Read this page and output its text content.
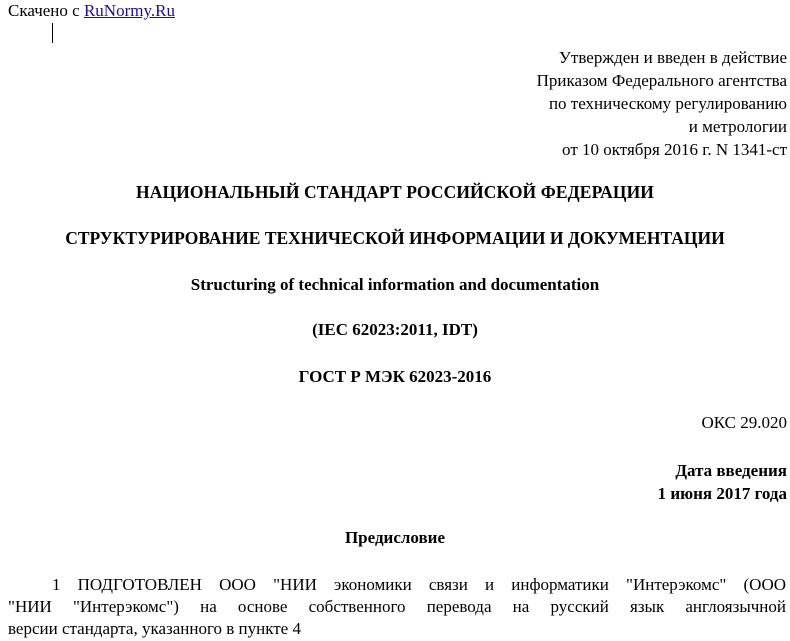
Скачено с RuNormy.Ru
Утвержден и введен в действие
Приказом Федерального агентства
по техническому регулированию
и метрологии
от 10 октября 2016 г. N 1341-ст
НАЦИОНАЛЬНЫЙ СТАНДАРТ РОССИЙСКОЙ ФЕДЕРАЦИИ
СТРУКТУРИРОВАНИЕ ТЕХНИЧЕСКОЙ ИНФОРМАЦИИ И ДОКУМЕНТАЦИИ
Structuring of technical information and documentation
(IEC 62023:2011, IDT)
ГОСТ Р МЭК 62023-2016
ОКС 29.020
Дата введения
1 июня 2017 года
Предисловие
1 ПОДГОТОВЛЕН ООО "НИИ экономики связи и информатики "Интерэкомс" (ООО
"НИИ "Интерэкомс") на основе собственного перевода на русский язык англоязычной
версии стандарта, указанного в пункте 4
